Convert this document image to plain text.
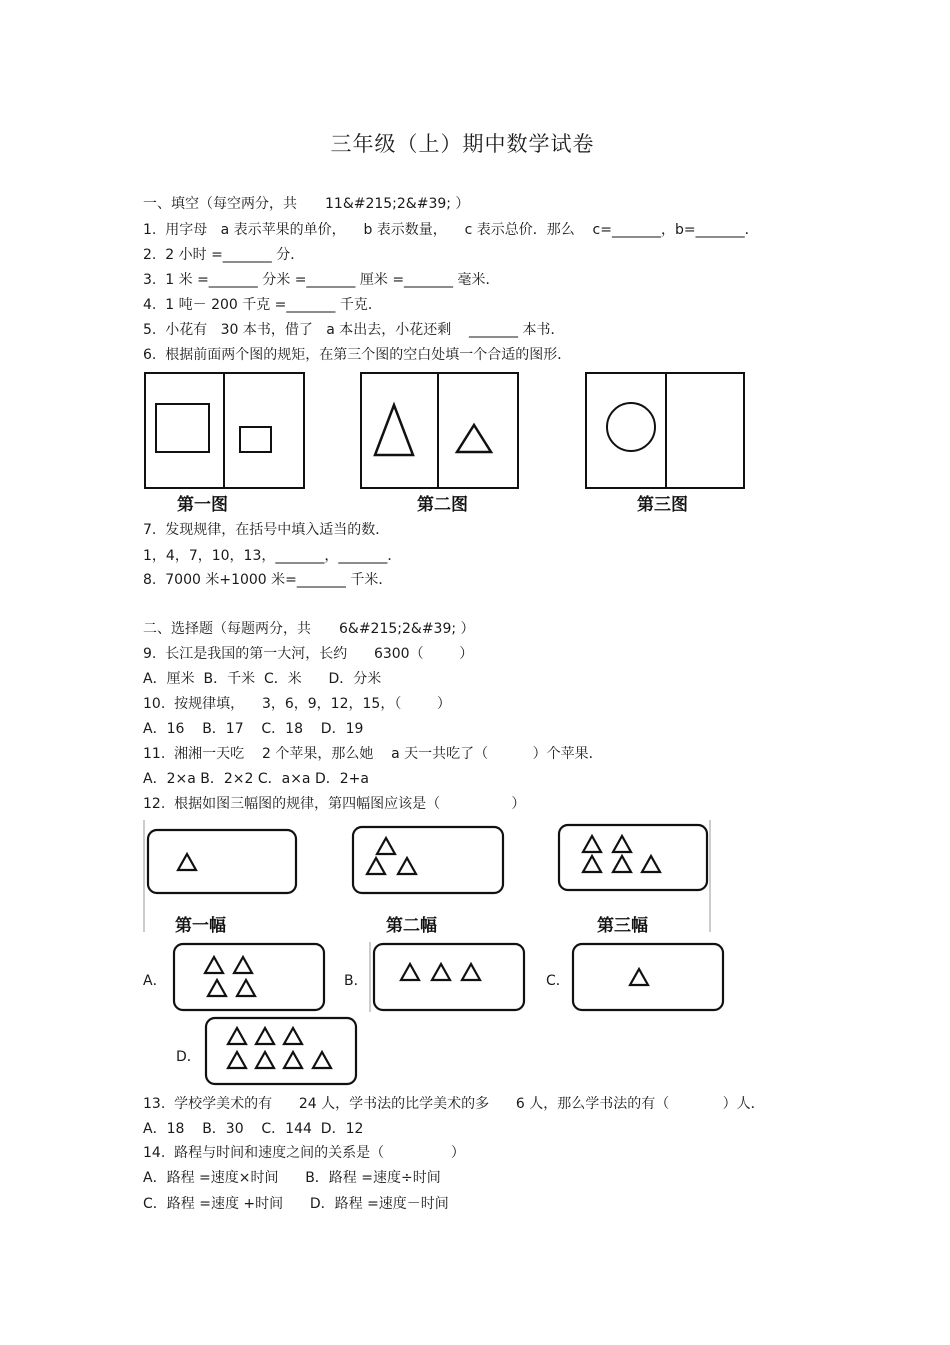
三年级（上）期中数学试卷
一、填空（每空两分，共　　11&#215;2&#39; ）
1.  用字母   a 表示苹果的单价，    b 表示数量，    c 表示总价．那么    c=_______，b=_______．
2.  2 小时 =_______ 分．
3.  1 米 =_______ 分米 =_______ 厘米 =_______ 毫米．
4.  1 吨－ 200 千克 =_______ 千克．
5.  小花有   30 本书，借了   a 本出去，小花还剩    _______ 本书．
6.  根据前面两个图的规矩，在第三个图的空白处填一个合适的图形．
第一图	第二图	第三图
7.  发现规律，在括号中填入适当的数．
1，4，7，10，13，_______，_______．
8.  7000 米+1000 米=_______ 千米．
二、选择题（每题两分，共　　6&#215;2&#39; ）
9.  长江是我国的第一大河，长约      6300（        ）
A．厘米  B．千米  C．米      D．分米
10.  按规律填，    3，6，9，12，15，（        ）
A．16    B．17    C．18    D．19
11.  湘湘一天吃    2 个苹果，那么她    a 天一共吃了（          ）个苹果．
A．2×a B．2×2 C．a×a D．2+a
12.  根据如图三幅图的规律，第四幅图应该是（                ）
第一幅	第二幅	第三幅
A．	B．	C．
D．
13.  学校学美术的有      24 人，学书法的比学美术的多      6 人，那么学书法的有（            ）人．
A．18    B．30    C．144  D．12
14.  路程与时间和速度之间的关系是（               ）
A．路程 =速度×时间      B．路程 =速度÷时间
C．路程 =速度 +时间      D．路程 =速度－时间
